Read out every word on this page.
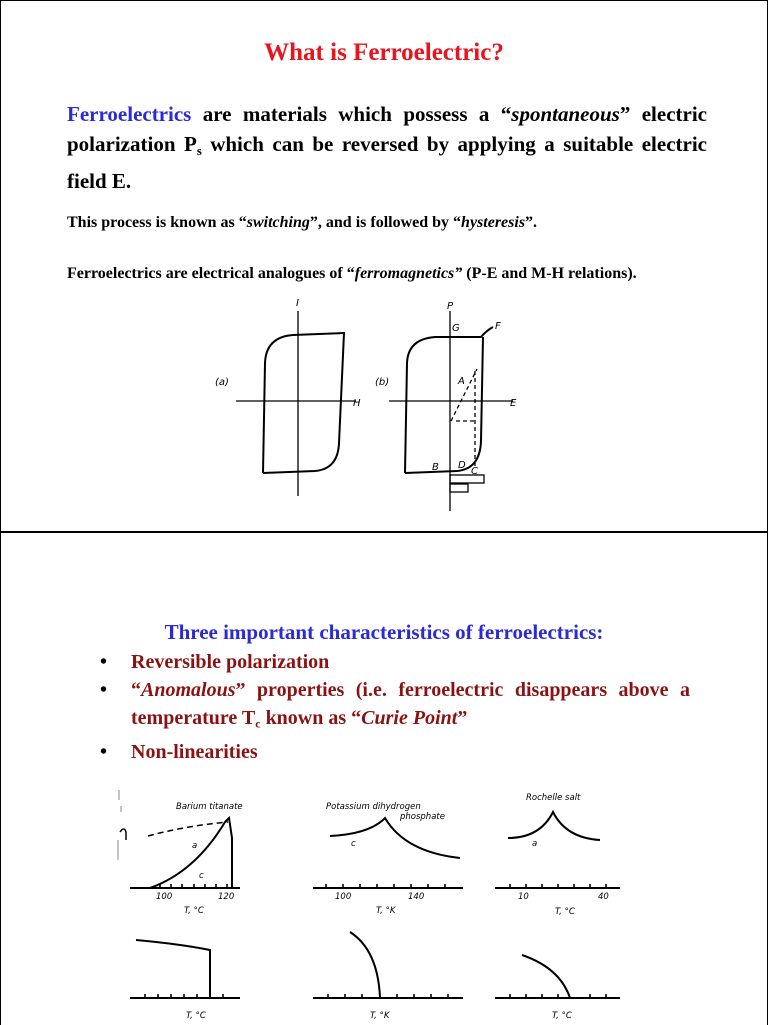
What is Ferroelectric?
Ferroelectrics are materials which possess a “spontaneous” electric polarization $P_s$ which can be reversed by applying a suitable electric field E.
This process is known as “switching”, and is followed by “hysteresis”.
Ferroelectrics are electrical analogues of “ferromagnetics” (P-E and M-H relations).
(a)
I
H
(b)
P
E
G	F
A
B D
C
Three important characteristics of ferroelectrics:
• Reversible polarization
• “Anomalous” properties (i.e. ferroelectric disappears above a temperature $T_c$ known as “Curie Point”
• Non-linearities
Barium titanate	Potassium dihydrogen
phosphate
Rochelle salt
a
c
c	a
100	120
T, °C
100	140
T, °K
10	40
T, °C
T, °C	T, °K	T, °C
